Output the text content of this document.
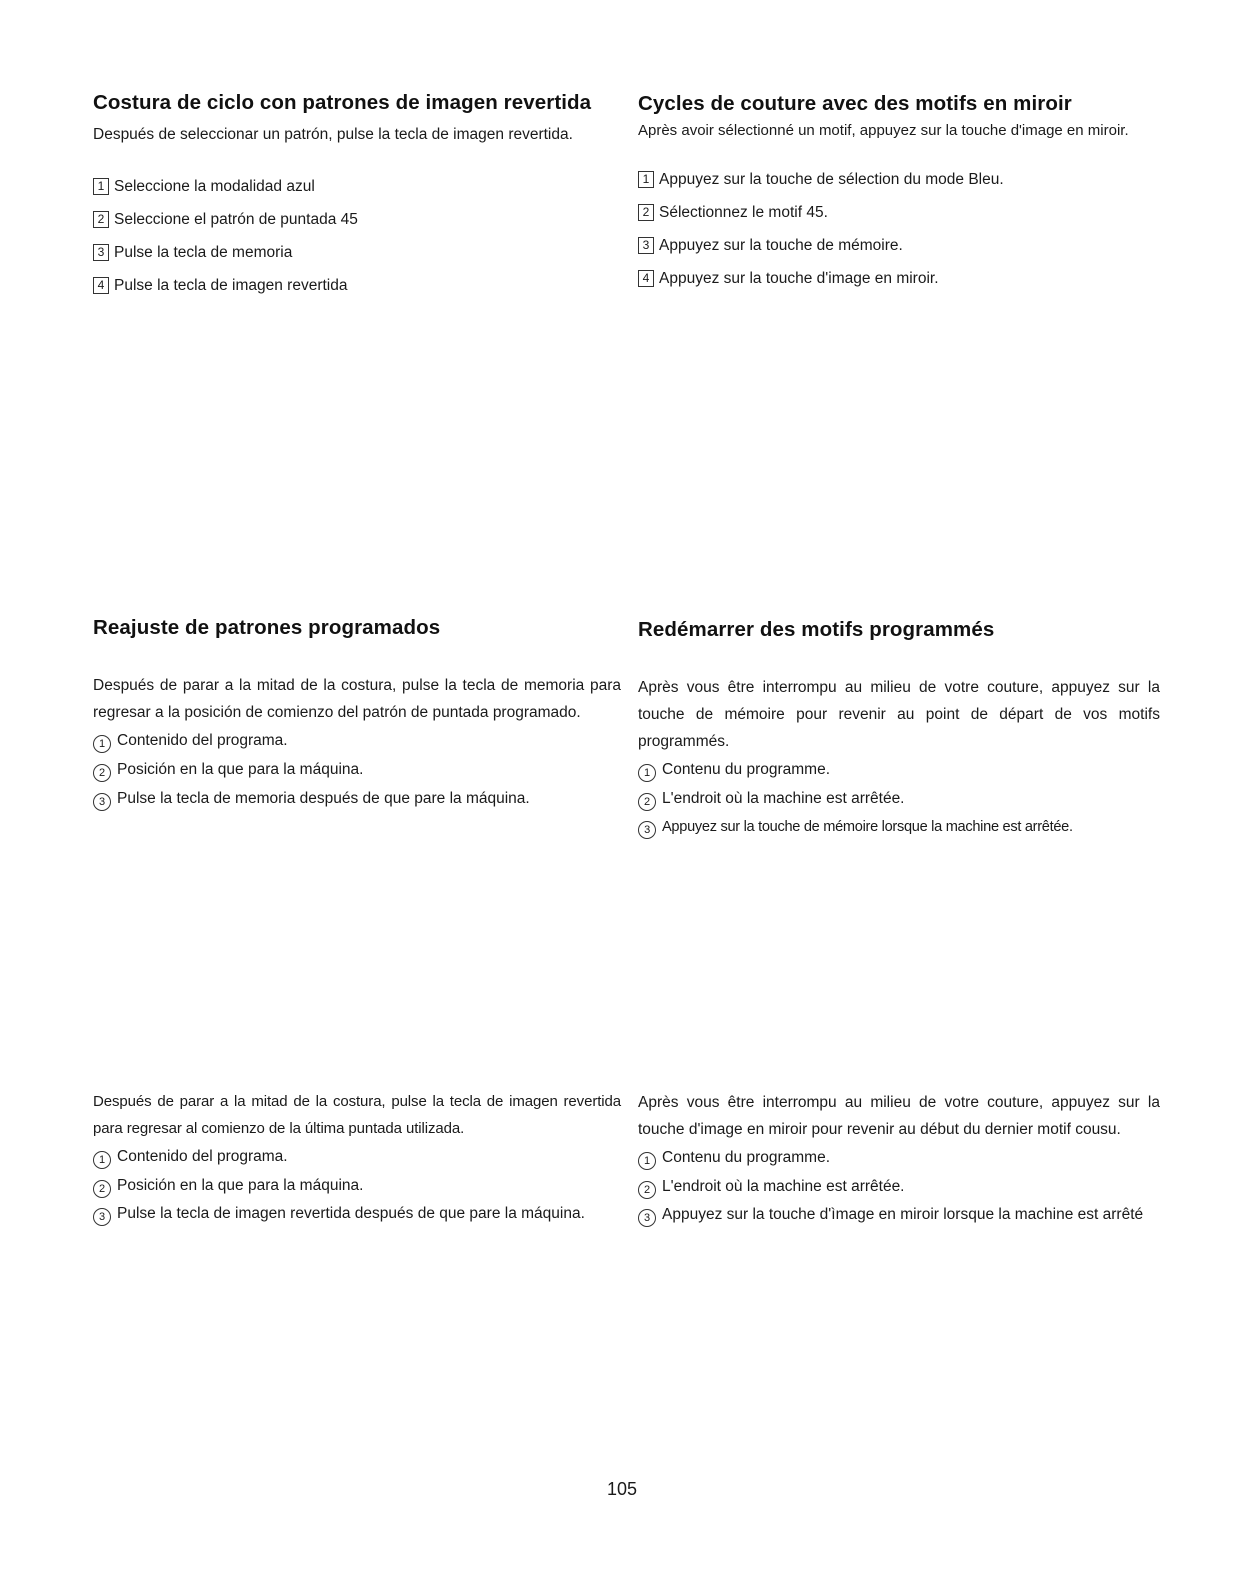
Costura de ciclo con patrones de imagen revertida

Después de seleccionar un patrón, pulse la tecla de imagen revertida.

1 Seleccione la modalidad azul
2 Seleccione el patrón de puntada 45
3 Pulse la tecla de memoria
4 Pulse la tecla de imagen revertida
Cycles de couture avec des motifs en miroir

Après avoir sélectionné un motif, appuyez sur la touche d'image en miroir.

1 Appuyez sur la touche de sélection du mode Bleu.
2 Sélectionnez le motif 45.
3 Appuyez sur la touche de mémoire.
4 Appuyez sur la touche d'image en miroir.
Reajuste de patrones programados

Después de parar a la mitad de la costura, pulse la tecla de memoria para regresar a la posición de comienzo del patrón de puntada programado.

1 Contenido del programa.
2 Posición en la que para la máquina.
3 Pulse la tecla de memoria después de que pare la máquina.
Redémarrer des motifs programmés

Après vous être interrompu au milieu de votre couture, appuyez sur la touche de mémoire pour revenir au point de départ de vos motifs programmés.

1 Contenu du programme.
2 L'endroit où la machine est arrêtée.
3 Appuyez sur la touche de mémoire lorsque la machine est arrêtée.

Después de parar a la mitad de la costura, pulse la tecla de imagen revertida para regresar al comienzo de la última puntada utilizada.

1 Contenido del programa.
2 Posición en la que para la máquina.
3 Pulse la tecla de imagen revertida después de que pare la máquina.

Après vous être interrompu au milieu de votre couture, appuyez sur la touche d'image en miroir pour revenir au début du dernier motif cousu.

1 Contenu du programme.
2 L'endroit où la machine est arrêtée.
3 Appuyez sur la touche d'ìmage en miroir lorsque la machine est arrêté
105
